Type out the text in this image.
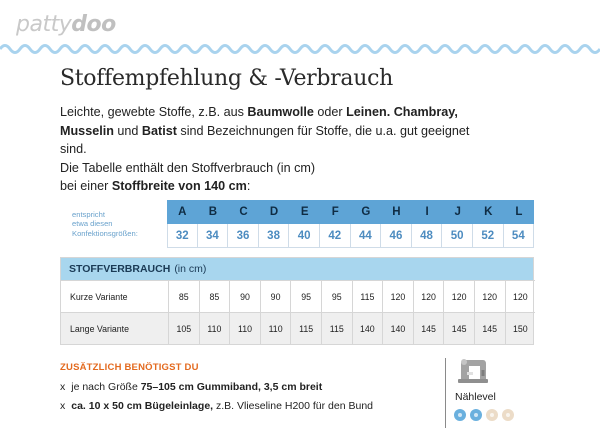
pattydoo
Stoffempfehlung & -Verbrauch
Leichte, gewebte Stoffe, z.B. aus Baumwolle oder Leinen. Chambray,
Musselin und Batist sind Bezeichnungen für Stoffe, die u.a. gut geeignet
sind.
Die Tabelle enthält den Stoffverbrauch (in cm)
bei einer Stoffbreite von 140 cm:
entspricht
etwa diesen
Konfektionsgrößen:
A	B	C	D	E	F	G	H	I	J	K	L
32	34	36	38	40	42	44	46	48	50	52	54
STOFFVERBRAUCH (in cm)
Kurze Variante	85	85	90	90	95	95	115	120	120	120	120	120
Lange Variante	105	110	110	110	115	115	140	140	145	145	145	150
ZUSÄTZLICH BENÖTIGST DU
x je nach Größe 75–105 cm Gummiband, 3,5 cm breit
x ca. 10 x 50 cm Bügeleinlage, z.B. Vlieseline H200 für den Bund
Nählevel
